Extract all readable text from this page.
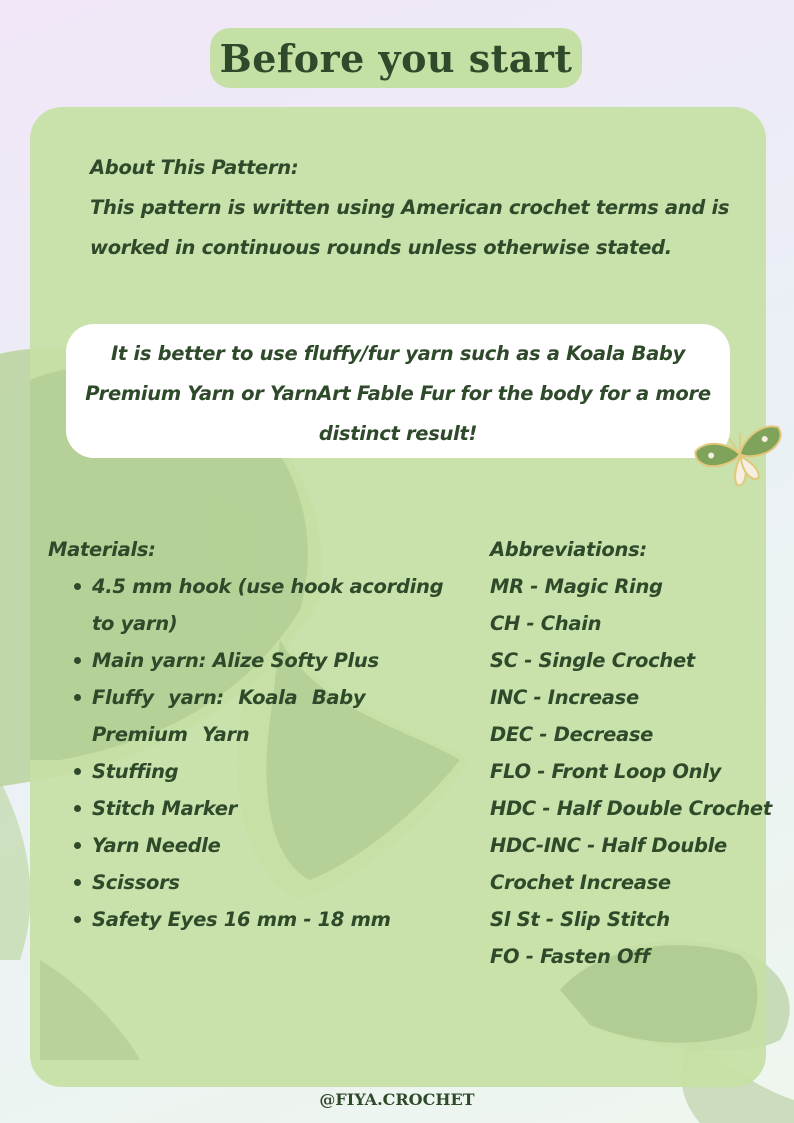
Before you start

About This Pattern:

This pattern is written using American crochet terms and is worked in continuous rounds unless otherwise stated.

It is better to use fluffy/fur yarn such as a Koala Baby Premium Yarn or YarnArt Fable Fur for the body for a more distinct result!
Materials:
4.5 mm hook (use hook acording to yarn)
Main yarn: Alize Softy Plus
Fluffy yarn: Koala Baby Premium Yarn
Stuffing
Stitch Marker
Yarn Needle
Scissors
Safety Eyes 16 mm - 18 mm
Abbreviations:
MR - Magic Ring
CH - Chain
SC - Single Crochet
INC - Increase
DEC - Decrease
FLO - Front Loop Only
HDC - Half Double Crochet
HDC-INC - Half Double
Crochet Increase
Sl St - Slip Stitch
FO - Fasten Off
@FIYA.CROCHET
